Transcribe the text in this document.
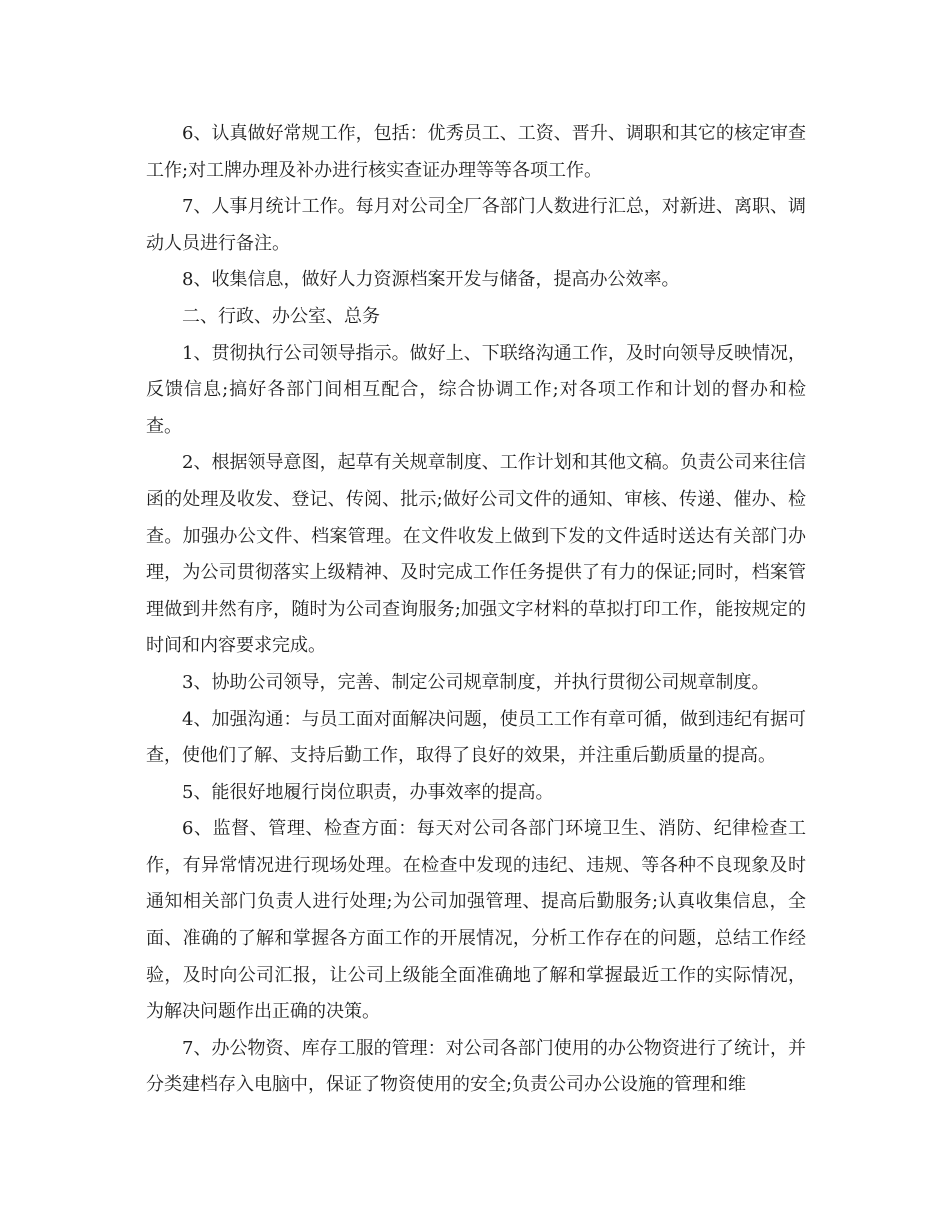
6、认真做好常规工作，包括：优秀员工、工资、晋升、调职和其它的核定审查工作;对工牌办理及补办进行核实查证办理等等各项工作。

7、人事月统计工作。每月对公司全厂各部门人数进行汇总，对新进、离职、调动人员进行备注。

8、收集信息，做好人力资源档案开发与储备，提高办公效率。

二、行政、办公室、总务

1、贯彻执行公司领导指示。做好上、下联络沟通工作，及时向领导反映情况，反馈信息;搞好各部门间相互配合，综合协调工作;对各项工作和计划的督办和检查。

2、根据领导意图，起草有关规章制度、工作计划和其他文稿。负责公司来往信函的处理及收发、登记、传阅、批示;做好公司文件的通知、审核、传递、催办、检查。加强办公文件、档案管理。在文件收发上做到下发的文件适时送达有关部门办理，为公司贯彻落实上级精神、及时完成工作任务提供了有力的保证;同时，档案管理做到井然有序，随时为公司查询服务;加强文字材料的草拟打印工作，能按规定的时间和内容要求完成。

3、协助公司领导，完善、制定公司规章制度，并执行贯彻公司规章制度。

4、加强沟通：与员工面对面解决问题，使员工工作有章可循，做到违纪有据可查，使他们了解、支持后勤工作，取得了良好的效果，并注重后勤质量的提高。

5、能很好地履行岗位职责，办事效率的提高。

6、监督、管理、检查方面：每天对公司各部门环境卫生、消防、纪律检查工作，有异常情况进行现场处理。在检查中发现的违纪、违规、等各种不良现象及时通知相关部门负责人进行处理;为公司加强管理、提高后勤服务;认真收集信息，全面、准确的了解和掌握各方面工作的开展情况，分析工作存在的问题，总结工作经验，及时向公司汇报，让公司上级能全面准确地了解和掌握最近工作的实际情况，为解决问题作出正确的决策。

7、办公物资、库存工服的管理：对公司各部门使用的办公物资进行了统计，并分类建档存入电脑中，保证了物资使用的安全;负责公司办公设施的管理和维
